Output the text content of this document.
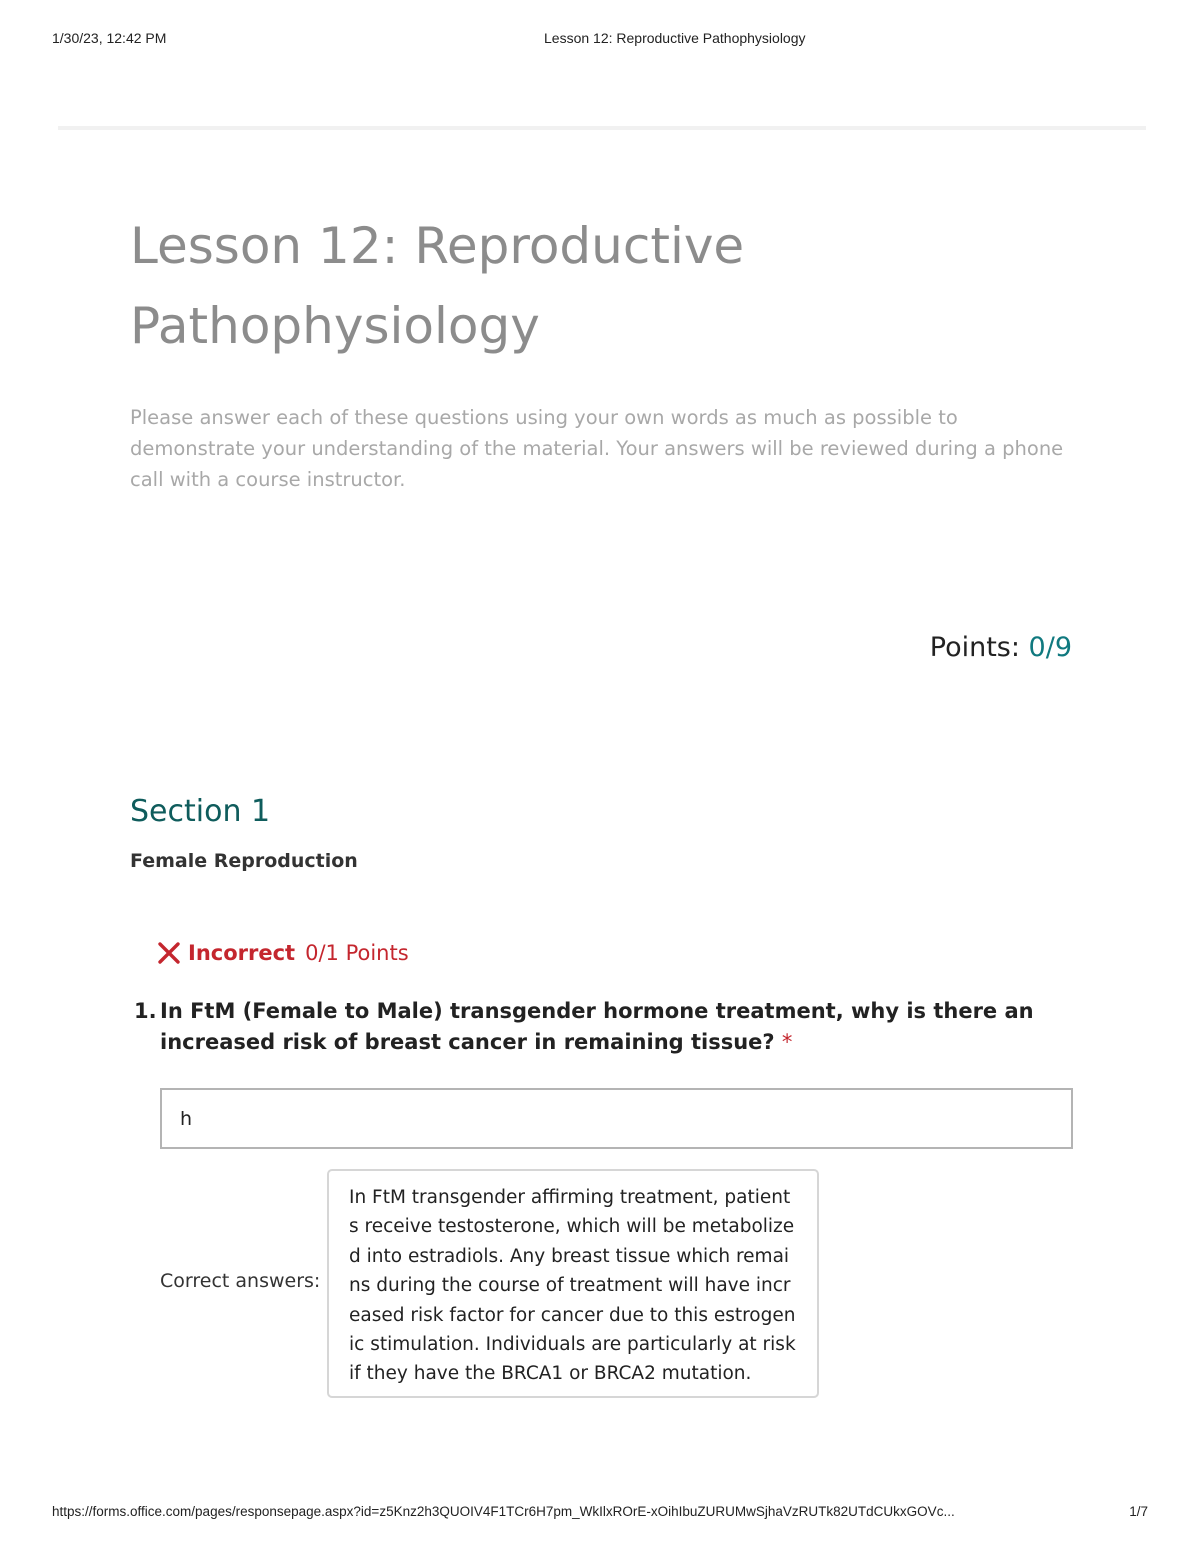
1/30/23, 12:42 PM	Lesson 12: Reproductive Pathophysiology
Lesson 12: Reproductive Pathophysiology

Please answer each of these questions using your own words as much as possible to demonstrate your understanding of the material. Your answers will be reviewed during a phone call with a course instructor.

Points: 0/9
Section 1
Female Reproduction
Incorrect 0/1 Points
1. In FtM (Female to Male) transgender hormone treatment, why is there an increased risk of breast cancer in remaining tissue? *
h
Correct answers:
In FtM transgender affirming treatment, patients receive testosterone, which will be metabolized into estradiols. Any breast tissue which remains during the course of treatment will have increased risk factor for cancer due to this estrogenic stimulation. Individuals are particularly at risk if they have the BRCA1 or BRCA2 mutation.
https://forms.office.com/pages/responsepage.aspx?id=z5Knz2h3QUOIV4F1TCr6H7pm_WkIlxROrE-xOihIbuZURUMwSjhaVzRUTk82UTdCUkxGOVc...	1/7
